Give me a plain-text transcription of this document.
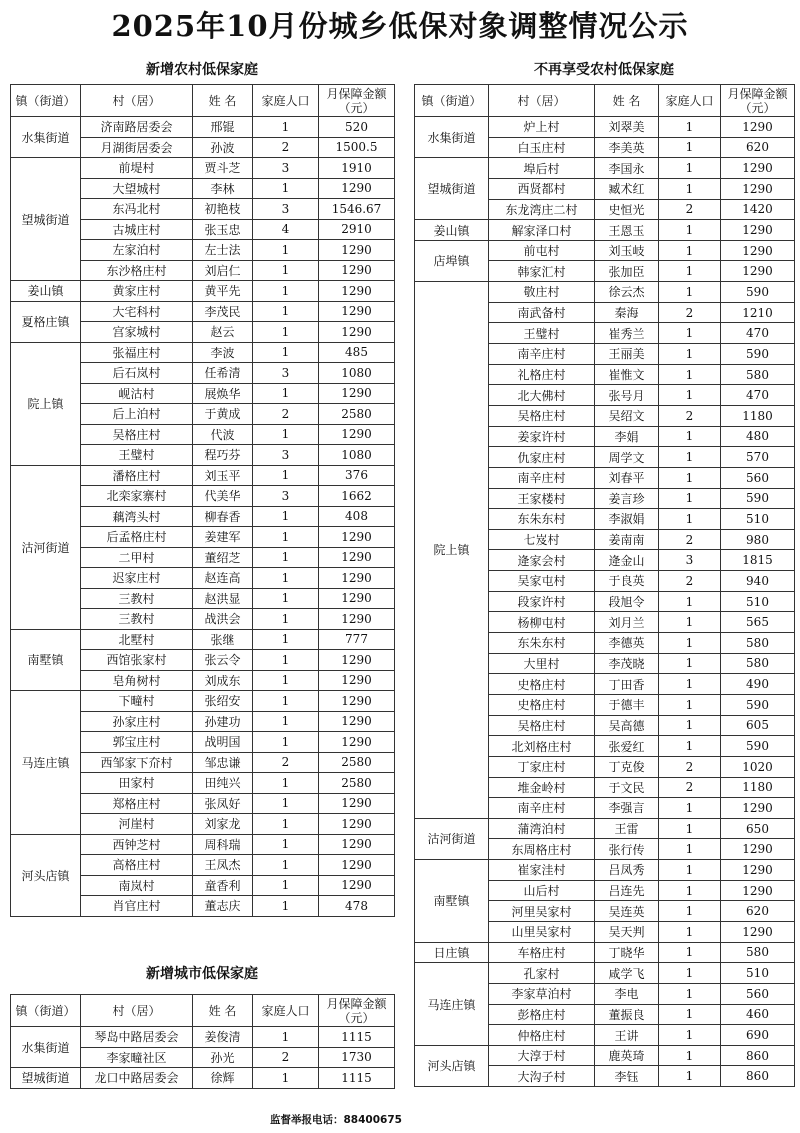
2025年10月份城乡低保对象调整情况公示
新增农村低保家庭
镇（街道）	村（居）	姓 名	家庭人口	月保障金额
（元）

水集街道	济南路居委会	邢锟	1	520
	月湖街居委会	孙波	2	1500.5
望城街道	前堤村	贾斗芝	3	1910
	大望城村	李林	1	1290
	东冯北村	初艳枝	3	1546.67
	古城庄村	张玉忠	4	2910
	左家泊村	左士法	1	1290
	东沙格庄村	刘启仁	1	1290
姜山镇	黄家庄村	黄平先	1	1290
夏格庄镇	大宅科村	李茂民	1	1290
	宫家城村	赵云	1	1290
院上镇	张福庄村	李波	1	485
	后石岚村	任希清	3	1080
	岘沽村	展焕华	1	1290
	后上泊村	于黄成	2	2580
	吴格庄村	代波	1	1290
	王璧村	程巧芬	3	1080
沽河街道	潘格庄村	刘玉平	1	376
	北栾家寨村	代美华	3	1662
	藕湾头村	柳春香	1	408
	后孟格庄村	姜建军	1	1290
	二甲村	董绍芝	1	1290
	迟家庄村	赵连高	1	1290
	三教村	赵洪显	1	1290
	三教村	战洪会	1	1290
南墅镇	北墅村	张继	1	777
	西馆张家村	张云令	1	1290
	皂角树村	刘成东	1	1290
马连庄镇	下疃村	张绍安	1	1290
	孙家庄村	孙建功	1	1290
	郭宝庄村	战明国	1	1290
	西邹家下夼村	邹忠谦	2	2580
	田家村	田纯兴	1	2580
	郑格庄村	张凤好	1	1290
	河崖村	刘家龙	1	1290
河头店镇	西钟芝村	周科瑞	1	1290
	高格庄村	王凤杰	1	1290
	南岚村	童香利	1	1290
	肖官庄村	董志庆	1	478
新增城市低保家庭
镇（街道）	村（居）	姓 名	家庭人口	月保障金额
（元）

水集街道	琴岛中路居委会	姜俊清	1	1115
	李家疃社区	孙光	2	1730
望城街道	龙口中路居委会	徐辉	1	1115
不再享受农村低保家庭
镇（街道）	村（居）	姓 名	家庭人口	月保障金额
（元）

水集街道	炉上村	刘翠美	1	1290
	白玉庄村	李美英	1	620
望城街道	埠后村	李国永	1	1290
	西贤都村	臧术红	1	1290
	东龙湾庄二村	史恒光	2	1420
姜山镇	解家泽口村	王恩玉	1	1290
店埠镇	前屯村	刘玉岐	1	1290
	韩家汇村	张加臣	1	1290
院上镇	敬庄村	徐云杰	1	590
	南武备村	秦海	2	1210
	王璧村	崔秀兰	1	470
	南辛庄村	王丽美	1	590
	礼格庄村	崔惟文	1	580
	北大佛村	张号月	1	470
	吴格庄村	吴绍文	2	1180
	姜家许村	李娟	1	480
	仇家庄村	周学文	1	570
	南辛庄村	刘春平	1	560
	王家楼村	姜言珍	1	590
	东朱东村	李淑娟	1	510
	七岌村	姜南南	2	980
	逄家会村	逄金山	3	1815
	吴家屯村	于良英	2	940
	段家许村	段旭令	1	510
	杨柳屯村	刘月兰	1	565
	东朱东村	李德英	1	580
	大里村	李茂晓	1	580
	史格庄村	丁田香	1	490
	史格庄村	于德丰	1	590
	吴格庄村	吴高德	1	605
	北刘格庄村	张爱红	1	590
	丁家庄村	丁克俊	2	1020
	堆金岭村	于文民	2	1180
	南辛庄村	李强言	1	1290
沽河街道	蒲湾泊村	王雷	1	650
	东周格庄村	张行传	1	1290
南墅镇	崔家洼村	吕凤秀	1	1290
	山后村	吕连先	1	1290
	河里吴家村	吴连英	1	620
	山里吴家村	吴天判	1	1290
日庄镇	车格庄村	丁晓华	1	580
马连庄镇	孔家村	咸学飞	1	510
	李家草泊村	李电	1	560
	彭格庄村	董振良	1	460
	仲格庄村	王讲	1	690
河头店镇	大淳于村	鹿英琦	1	860
	大沟子村	李钰	1	860
监督举报电话：88400675
